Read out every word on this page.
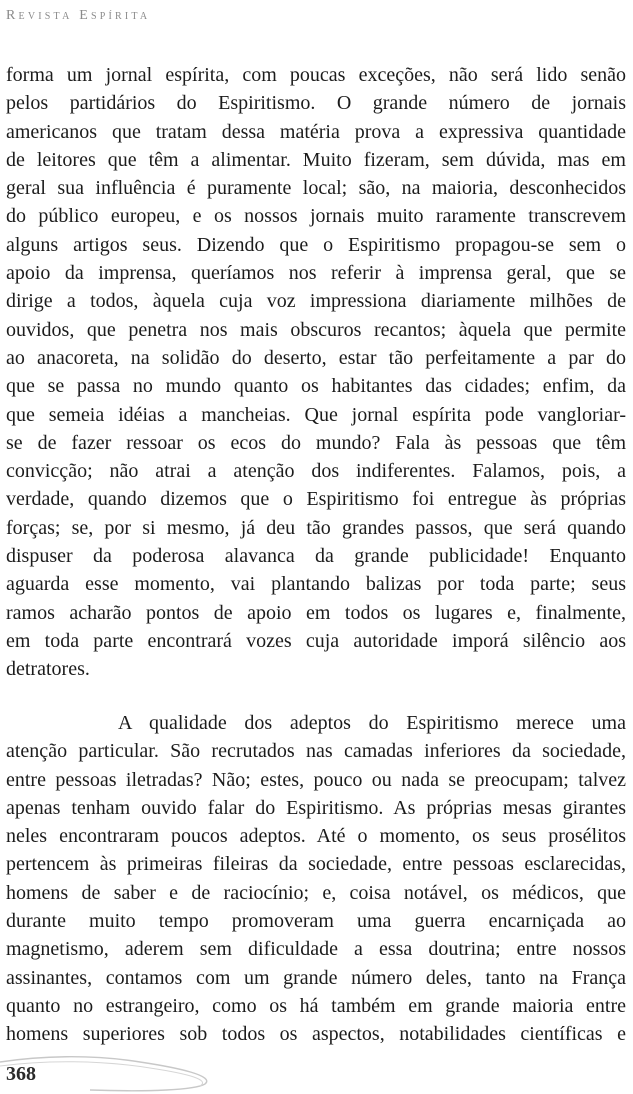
Revista Espírita
forma um jornal espírita, com poucas exceções, não será lido senão
pelos partidários do Espiritismo. O grande número de jornais
americanos que tratam dessa matéria prova a expressiva quantidade
de leitores que têm a alimentar. Muito fizeram, sem dúvida, mas em
geral sua influência é puramente local; são, na maioria, desconhecidos
do público europeu, e os nossos jornais muito raramente transcrevem
alguns artigos seus. Dizendo que o Espiritismo propagou-se sem o
apoio da imprensa, queríamos nos referir à imprensa geral, que se
dirige a todos, àquela cuja voz impressiona diariamente milhões de
ouvidos, que penetra nos mais obscuros recantos; àquela que permite
ao anacoreta, na solidão do deserto, estar tão perfeitamente a par do
que se passa no mundo quanto os habitantes das cidades; enfim, da
que semeia idéias a mancheias. Que jornal espírita pode vangloriar-
se de fazer ressoar os ecos do mundo? Fala às pessoas que têm
convicção; não atrai a atenção dos indiferentes. Falamos, pois, a
verdade, quando dizemos que o Espiritismo foi entregue às próprias
forças; se, por si mesmo, já deu tão grandes passos, que será quando
dispuser da poderosa alavanca da grande publicidade! Enquanto
aguarda esse momento, vai plantando balizas por toda parte; seus
ramos acharão pontos de apoio em todos os lugares e, finalmente,
em toda parte encontrará vozes cuja autoridade imporá silêncio aos
detratores.
A qualidade dos adeptos do Espiritismo merece uma
atenção particular. São recrutados nas camadas inferiores da sociedade,
entre pessoas iletradas? Não; estes, pouco ou nada se preocupam; talvez
apenas tenham ouvido falar do Espiritismo. As próprias mesas girantes
neles encontraram poucos adeptos. Até o momento, os seus prosélitos
pertencem às primeiras fileiras da sociedade, entre pessoas esclarecidas,
homens de saber e de raciocínio; e, coisa notável, os médicos, que
durante muito tempo promoveram uma guerra encarniçada ao
magnetismo, aderem sem dificuldade a essa doutrina; entre nossos
assinantes, contamos com um grande número deles, tanto na França
quanto no estrangeiro, como os há também em grande maioria entre
homens superiores sob todos os aspectos, notabilidades científicas e
368
